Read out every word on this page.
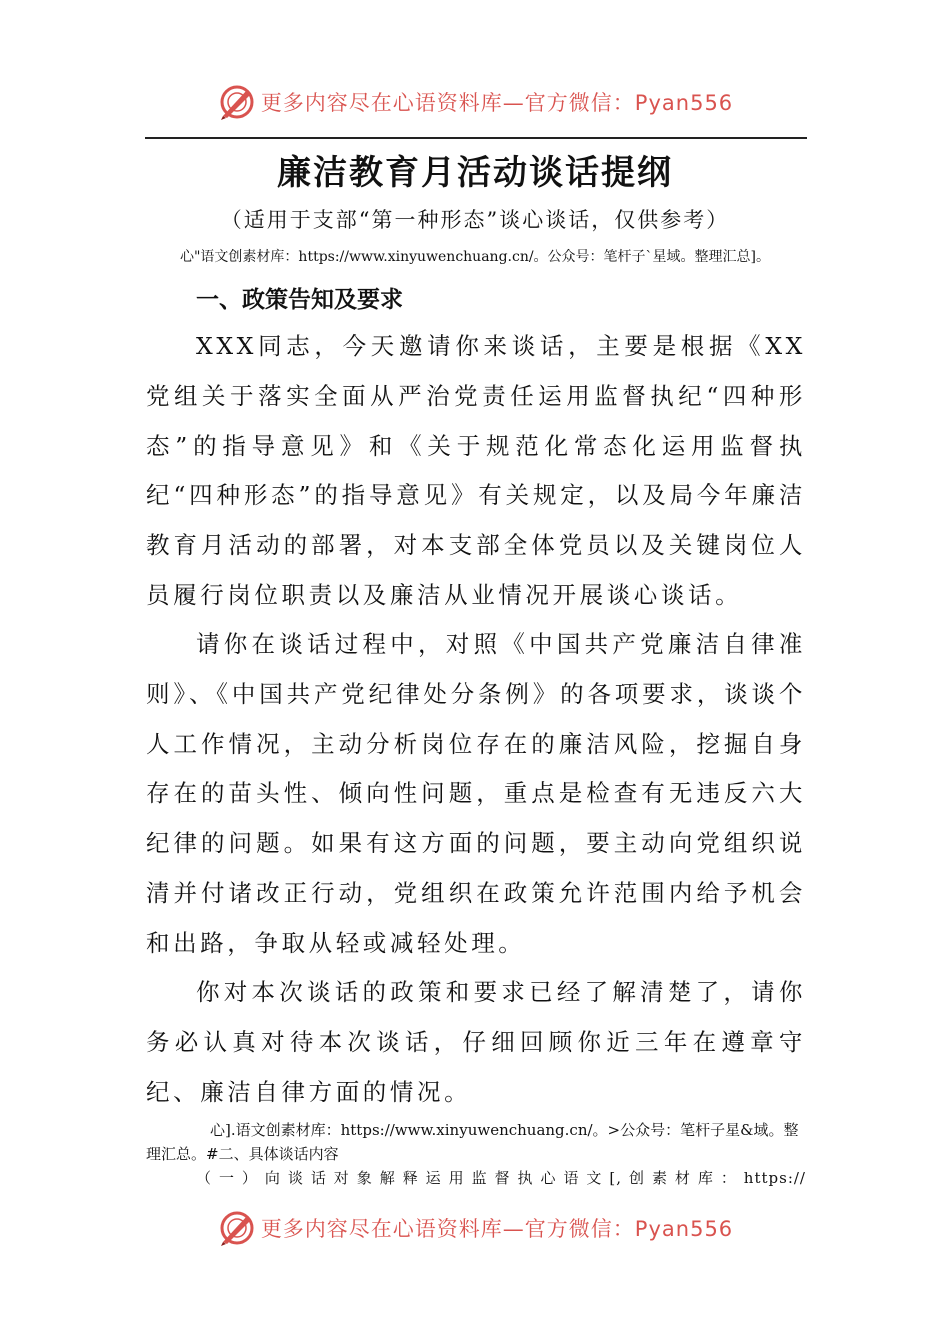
更多内容尽在心语资料库—官方微信：Pyan556
廉洁教育月活动谈话提纲
（适用于支部“第一种形态”谈心谈话，仅供参考）
心"语文创素材库：https://www.xinyuwenchuang.cn/。公众号：笔杆子`星域。整理汇总]。
一、政策告知及要求

XXX同志，今天邀请你来谈话，主要是根据《XX党组关于落实全面从严治党责任运用监督执纪“四种形态”的指导意见》和《关于规范化常态化运用监督执纪“四种形态”的指导意见》有关规定，以及局今年廉洁教育月活动的部署，对本支部全体党员以及关键岗位人员履行岗位职责以及廉洁从业情况开展谈心谈话。

请你在谈话过程中，对照《中国共产党廉洁自律准则》、《中国共产党纪律处分条例》的各项要求，谈谈个人工作情况，主动分析岗位存在的廉洁风险，挖掘自身存在的苗头性、倾向性问题，重点是检查有无违反六大纪律的问题。如果有这方面的问题，要主动向党组织说清并付诸改正行动，党组织在政策允许范围内给予机会和出路，争取从轻或减轻处理。

你对本次谈话的政策和要求已经了解清楚了，请你务必认真对待本次谈话，仔细回顾你近三年在遵章守纪、廉洁自律方面的情况。

心].语文创素材库：https://www.xinyuwenchuang.cn/。>公众号：笔杆子星&域。整理汇总。#二、具体谈话内容

（一）向谈话对象解释运用监督执心语文[,创素材库：https://

更多内容尽在心语资料库—官方微信：Pyan556
